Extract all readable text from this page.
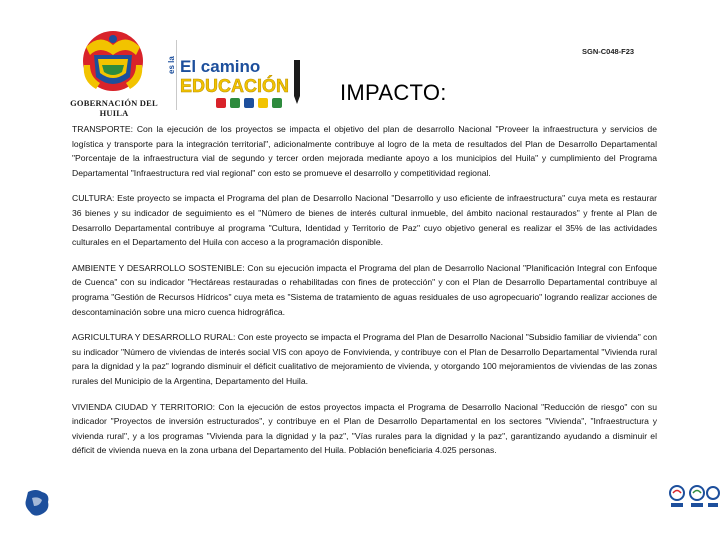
GOBERNACIÓN DEL HUILA
es la El camino
EDUCACIÓN
SGN-C048-F23
IMPACTO:

TRANSPORTE: Con la ejecución de los proyectos se impacta el objetivo del plan de desarrollo Nacional "Proveer la infraestructura y servicios de logística y transporte para la integración territorial", adicionalmente contribuye al logro de la meta de resultados del Plan de Desarrollo Departamental "Porcentaje de la infraestructura vial de segundo y tercer orden mejorada mediante apoyo a los municipios del Huila" y cumplimiento del Programa Departamental "Infraestructura red vial regional" con esto se promueve el desarrollo y competitividad regional.

CULTURA: Este proyecto se impacta el Programa del plan de Desarrollo Nacional "Desarrollo y uso eficiente de infraestructura" cuya meta es restaurar 36 bienes y su indicador de seguimiento es el "Número de bienes de interés cultural inmueble, del ámbito nacional restaurados" y frente al Plan de Desarrollo Departamental contribuye al programa "Cultura, Identidad y Territorio de Paz" cuyo objetivo general es realizar el 35% de las actividades culturales en el Departamento del Huila con acceso a la programación disponible.

AMBIENTE Y DESARROLLO SOSTENIBLE: Con su ejecución impacta el Programa del plan de Desarrollo Nacional "Planificación Integral con Enfoque de Cuenca" con su indicador "Hectáreas restauradas o rehabilitadas con fines de protección" y con el Plan de Desarrollo Departamental contribuye al programa "Gestión de Recursos Hídricos" cuya meta es "Sistema de tratamiento de aguas residuales de uso agropecuario" logrando realizar acciones de descontaminación sobre una micro cuenca hidrográfica.

AGRICULTURA Y DESARROLLO RURAL: Con este proyecto se impacta el Programa del Plan de Desarrollo Nacional "Subsidio familiar de vivienda" con su indicador "Número de viviendas de interés social VIS con apoyo de Fonvivienda, y contribuye con el Plan de Desarrollo Departamental "Vivienda rural para la dignidad y la paz" logrando disminuir el déficit cualitativo de mejoramiento de vivienda, y otorgando 100 mejoramientos de viviendas de las zonas rurales del Municipio de la Argentina, Departamento del Huila.

VIVIENDA CIUDAD Y TERRITORIO: Con la ejecución de estos proyectos impacta el Programa de Desarrollo Nacional "Reducción de riesgo" con su indicador "Proyectos de inversión estructurados", y contribuye en el Plan de Desarrollo Departamental en los sectores "Vivienda", "Infraestructura y vivienda rural", y a los programas "Vivienda para la dignidad y la paz", "Vías rurales para la dignidad y la paz", garantizando ayudando a disminuir el déficit de vivienda nueva en la zona urbana del Departamento del Huila. Población beneficiaria 4.025 personas.
